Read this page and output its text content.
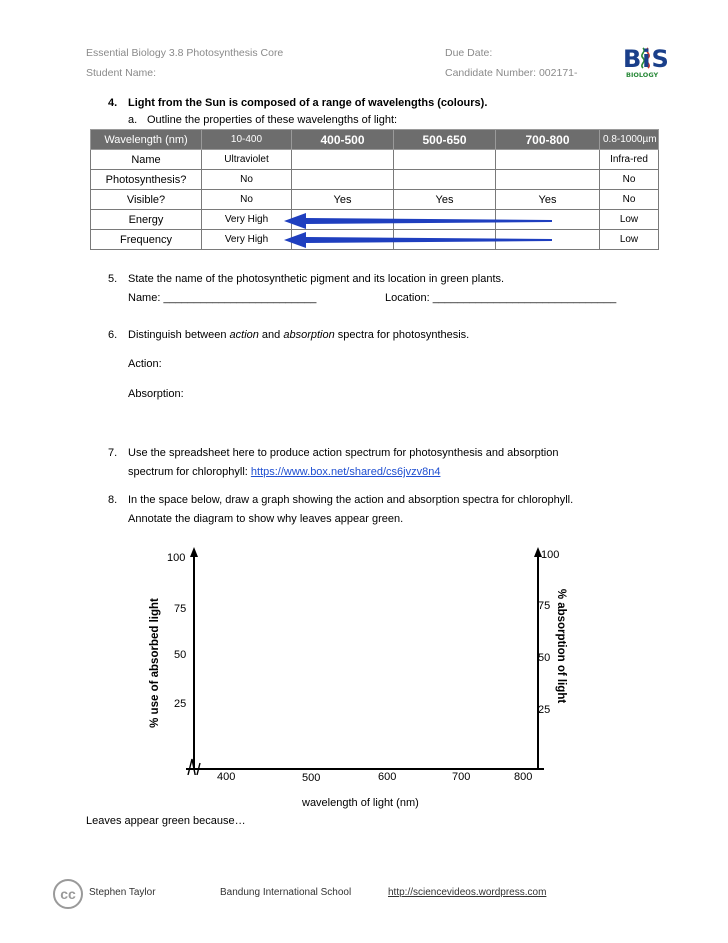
Essential Biology 3.8 Photosynthesis Core
Student Name:
Due Date:
Candidate Number: 002171- BiS
BIOLOGY
4. Light from the Sun is composed of a range of wavelengths (colours).
a. Outline the properties of these wavelengths of light:
Wavelength (nm)	10-400	400-500	500-650	700-800	0.8-1000µm
Name	Ultraviolet				Infra-red
Photosynthesis?	No				No
Visible?	No	Yes	Yes	Yes	No
Energy	Very High				Low
Frequency	Very High				Low
5. State the name of the photosynthetic pigment and its location in green plants.
Name: _________________________	Location: ______________________________
6. Distinguish between action and absorption spectra for photosynthesis.
Action:
Absorption:
7. Use the spreadsheet here to produce action spectrum for photosynthesis and absorption
spectrum for chlorophyll: https://www.box.net/shared/cs6jvzv8n4
8. In the space below, draw a graph showing the action and absorption spectra for chlorophyll.
Annotate the diagram to show why leaves appear green.
100
75
50
25
100
75
50
25
400	500	600	700	800
wavelength of light (nm)
% use of absorbed light	% absorption of light
Leaves appear green because…
cc	Stephen Taylor	Bandung International School	http://sciencevideos.wordpress.com
